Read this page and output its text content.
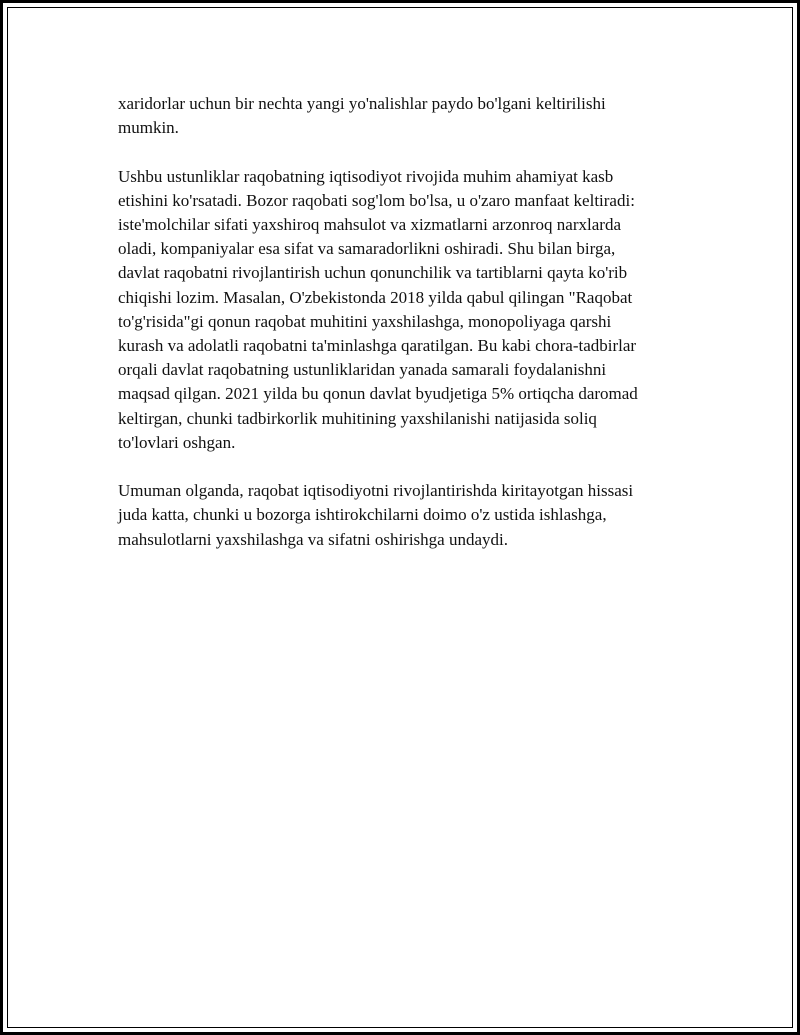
xaridorlar uchun bir nechta yangi yo'nalishlar paydo bo'lgani keltirilishi
mumkin.

Ushbu ustunliklar raqobatning iqtisodiyot rivojida muhim ahamiyat kasb
etishini ko'rsatadi. Bozor raqobati sog'lom bo'lsa, u o'zaro manfaat keltiradi:
iste'molchilar sifati yaxshiroq mahsulot va xizmatlarni arzonroq narxlarda
oladi, kompaniyalar esa sifat va samaradorlikni oshiradi. Shu bilan birga,
davlat raqobatni rivojlantirish uchun qonunchilik va tartiblarni qayta ko'rib
chiqishi lozim. Masalan, O'zbekistonda 2018 yilda qabul qilingan "Raqobat
to'g'risida"gi qonun raqobat muhitini yaxshilashga, monopoliyaga qarshi
kurash va adolatli raqobatni ta'minlashga qaratilgan. Bu kabi chora-tadbirlar
orqali davlat raqobatning ustunliklaridan yanada samarali foydalanishni
maqsad qilgan. 2021 yilda bu qonun davlat byudjetiga 5% ortiqcha daromad
keltirgan, chunki tadbirkorlik muhitining yaxshilanishi natijasida soliq
to'lovlari oshgan.

Umuman olganda, raqobat iqtisodiyotni rivojlantirishda kiritayotgan hissasi
juda katta, chunki u bozorga ishtirokchilarni doimo o'z ustida ishlashga,
mahsulotlarni yaxshilashga va sifatni oshirishga undaydi.
